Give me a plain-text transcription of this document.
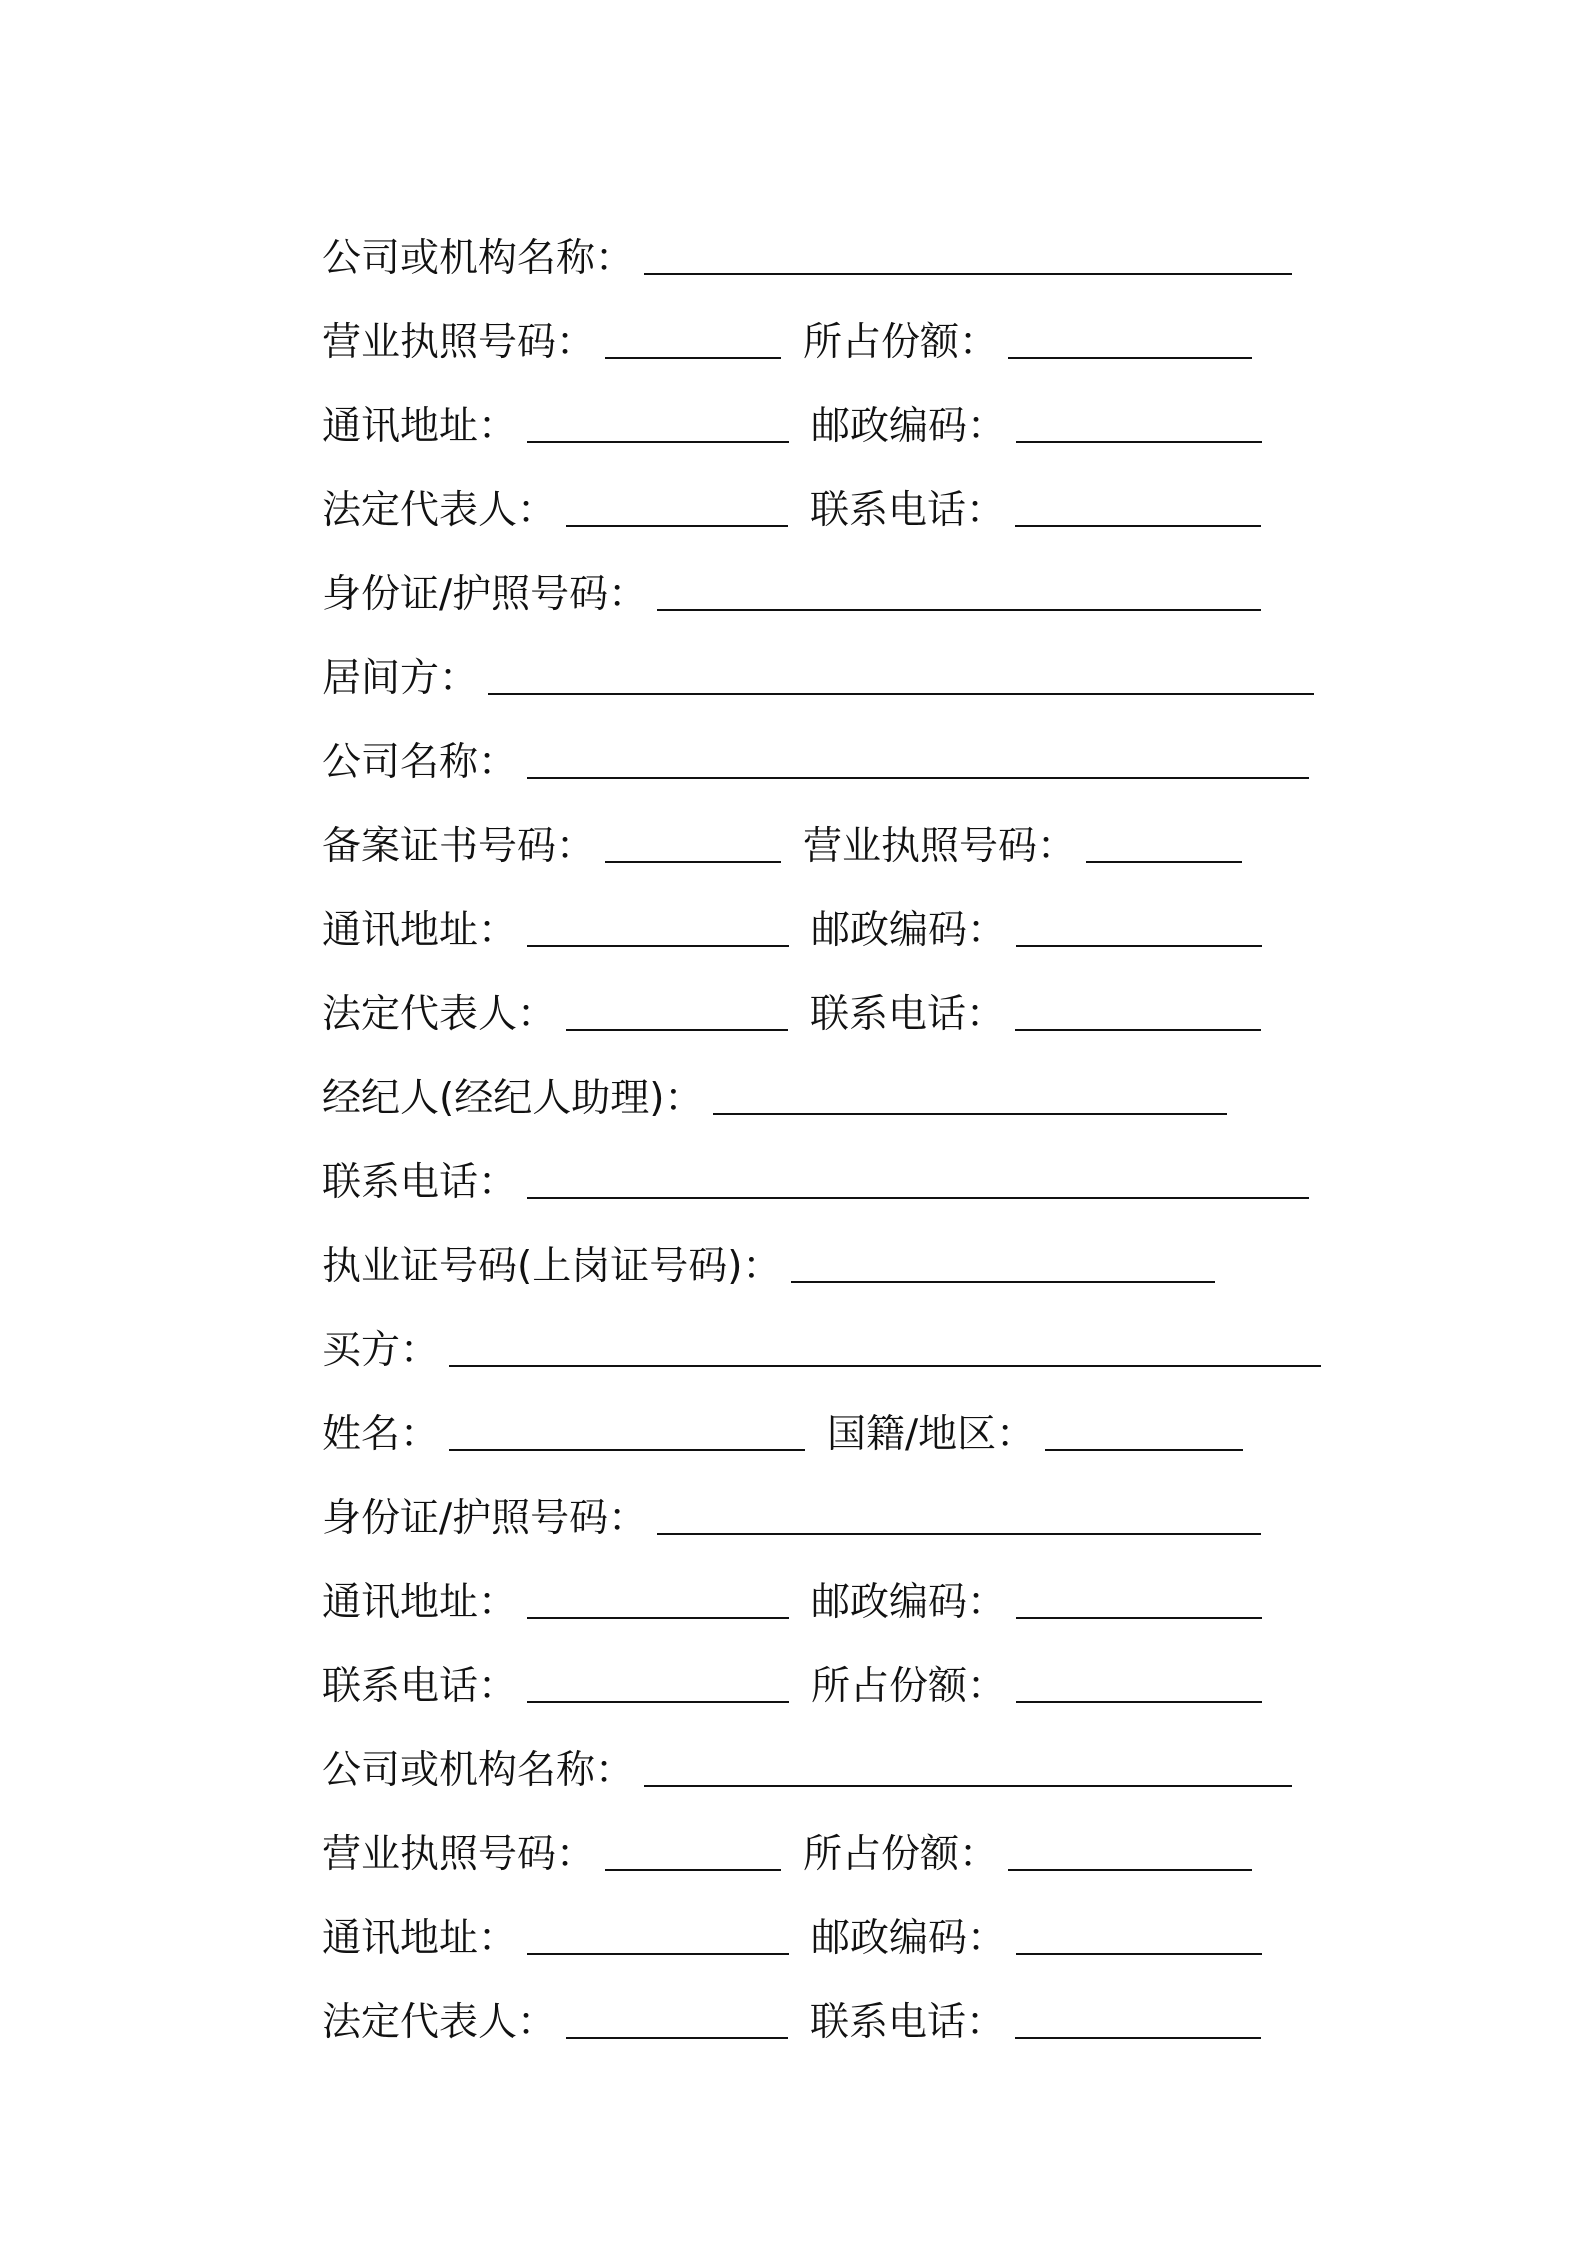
公司或机构名称：
营业执照号码：	所占份额：
通讯地址：	邮政编码：
法定代表人：	联系电话：
身份证/护照号码：
居间方：
公司名称：
备案证书号码：	营业执照号码：
通讯地址：	邮政编码：
法定代表人：	联系电话：
经纪人(经纪人助理)：
联系电话：
执业证号码(上岗证号码)：
买方：
姓名：	国籍/地区：
身份证/护照号码：
通讯地址：	邮政编码：
联系电话：	所占份额：
公司或机构名称：
营业执照号码：	所占份额：
通讯地址：	邮政编码：
法定代表人：	联系电话：
